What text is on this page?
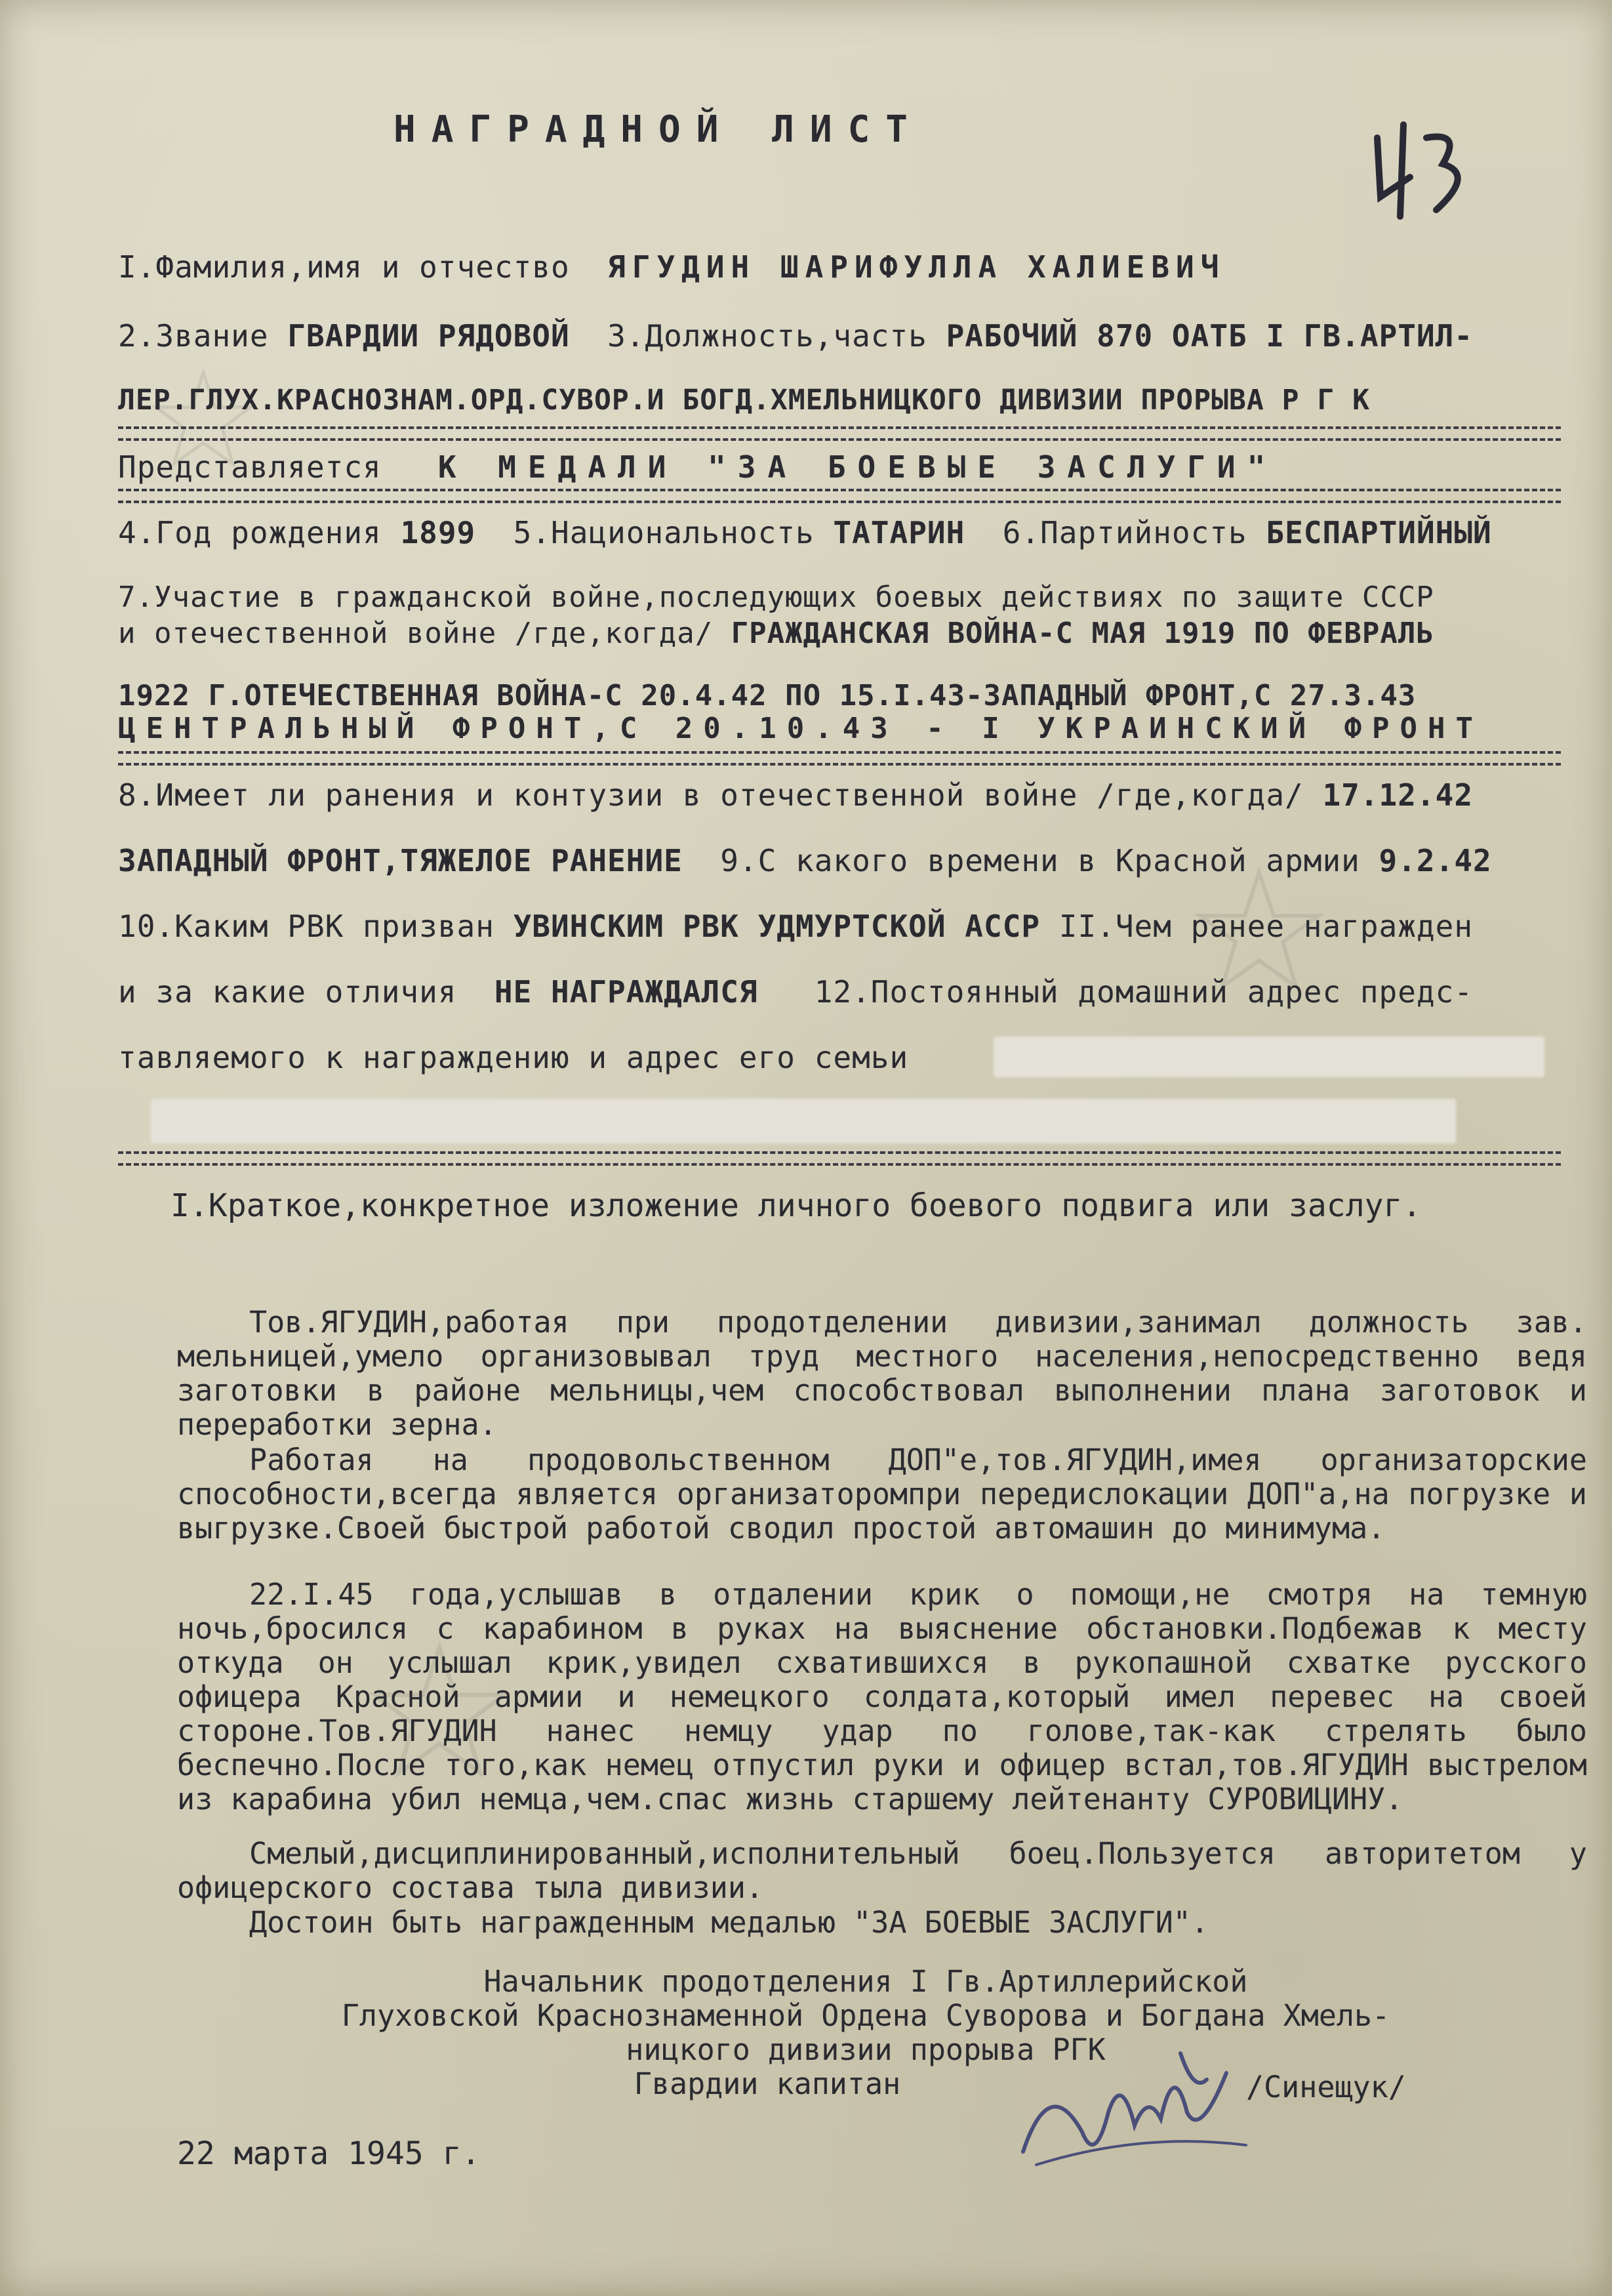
43
НАГРАДНОЙ ЛИСТ
I.Фамилия,имя и отчество ЯГУДИН ШАРИФУЛЛА ХАЛИЕВИЧ
2.Звание ГВАРДИИ РЯДОВОЙ 3.Должность,часть РАБОЧИЙ 870 ОАТБ I ГВ.АРТИЛ-
ЛЕР.ГЛУХ.КРАСНОЗНАМ.ОРД.СУВОР.И БОГД.ХМЕЛЬНИЦКОГО ДИВИЗИИ ПРОРЫВА Р Г К
Представляется К МЕДАЛИ "ЗА БОЕВЫЕ ЗАСЛУГИ"
4.Год рождения 1899 5.Национальность ТАТАРИН 6.Партийность БЕСПАРТИЙНЫЙ
7.Участие в гражданской войне,последующих боевых действиях по защите СССР
и отечественной войне /где,когда/ ГРАЖДАНСКАЯ ВОЙНА-С МАЯ 1919 ПО ФЕВРАЛЬ
1922 Г.ОТЕЧЕСТВЕННАЯ ВОЙНА-С 20.4.42 ПО 15.I.43-ЗАПАДНЫЙ ФРОНТ,С 27.3.43
ЦЕНТРАЛЬНЫЙ ФРОНТ,С 20.10.43 - I УКРАИНСКИЙ ФРОНТ
8.Имеет ли ранения и контузии в отечественной войне /где,когда/ 17.12.42
ЗАПАДНЫЙ ФРОНТ,ТЯЖЕЛОЕ РАНЕНИЕ 9.С какого времени в Красной армии 9.2.42
10.Каким РВК призван УВИНСКИМ РВК УДМУРТСКОЙ АССР II.Чем ранее награжден
и за какие отличия НЕ НАГРАЖДАЛСЯ 12.Постоянный домашний адрес предс-
тавляемого к награждению и адрес его семьи
I.Краткое,конкретное изложение личного боевого подвига или заслуг.
Тов.ЯГУДИН,работая при продотделении дивизии,занимал должность зав. мельницей,умело организовывал труд местного населения,непосредственно ведя заготовки в районе мельницы,чем способствовал выполнении плана заготовок и переработки зерна.
Работая на продовольственном ДОП"е,тов.ЯГУДИН,имея организаторские способности,всегда является организаторомпри передислокации ДОП"а,на погрузке и выгрузке.Своей быстрой работой сводил простой автомашин до минимума.
22.I.45 года,услышав в отдалении крик о помощи,не смотря на темную ночь,бросился с карабином в руках на выяснение обстановки.Подбежав к месту откуда он услышал крик,увидел схватившихся в рукопашной схватке русского офицера Красной армии и немецкого солдата,который имел перевес на своей стороне.Тов.ЯГУДИН нанес немцу удар по голове,так-как стрелять было беспечно.После того,как немец отпустил руки и офицер встал,тов.ЯГУДИН выстрелом из карабина убил немца,чем.спас жизнь старшему лейтенанту СУРОВИЦИНУ.
Смелый,дисциплинированный,исполнительный боец.Пользуется авторитетом у офицерского состава тыла дивизии.
Достоин быть награжденным медалью "ЗА БОЕВЫЕ ЗАСЛУГИ".
Начальник продотделения I Гв.Артиллерийской
Глуховской Краснознаменной Ордена Суворова и Богдана Хмель-
ницкого дивизии прорыва РГК
Гвардии капитан	/Синещук/
22 марта 1945 г.
